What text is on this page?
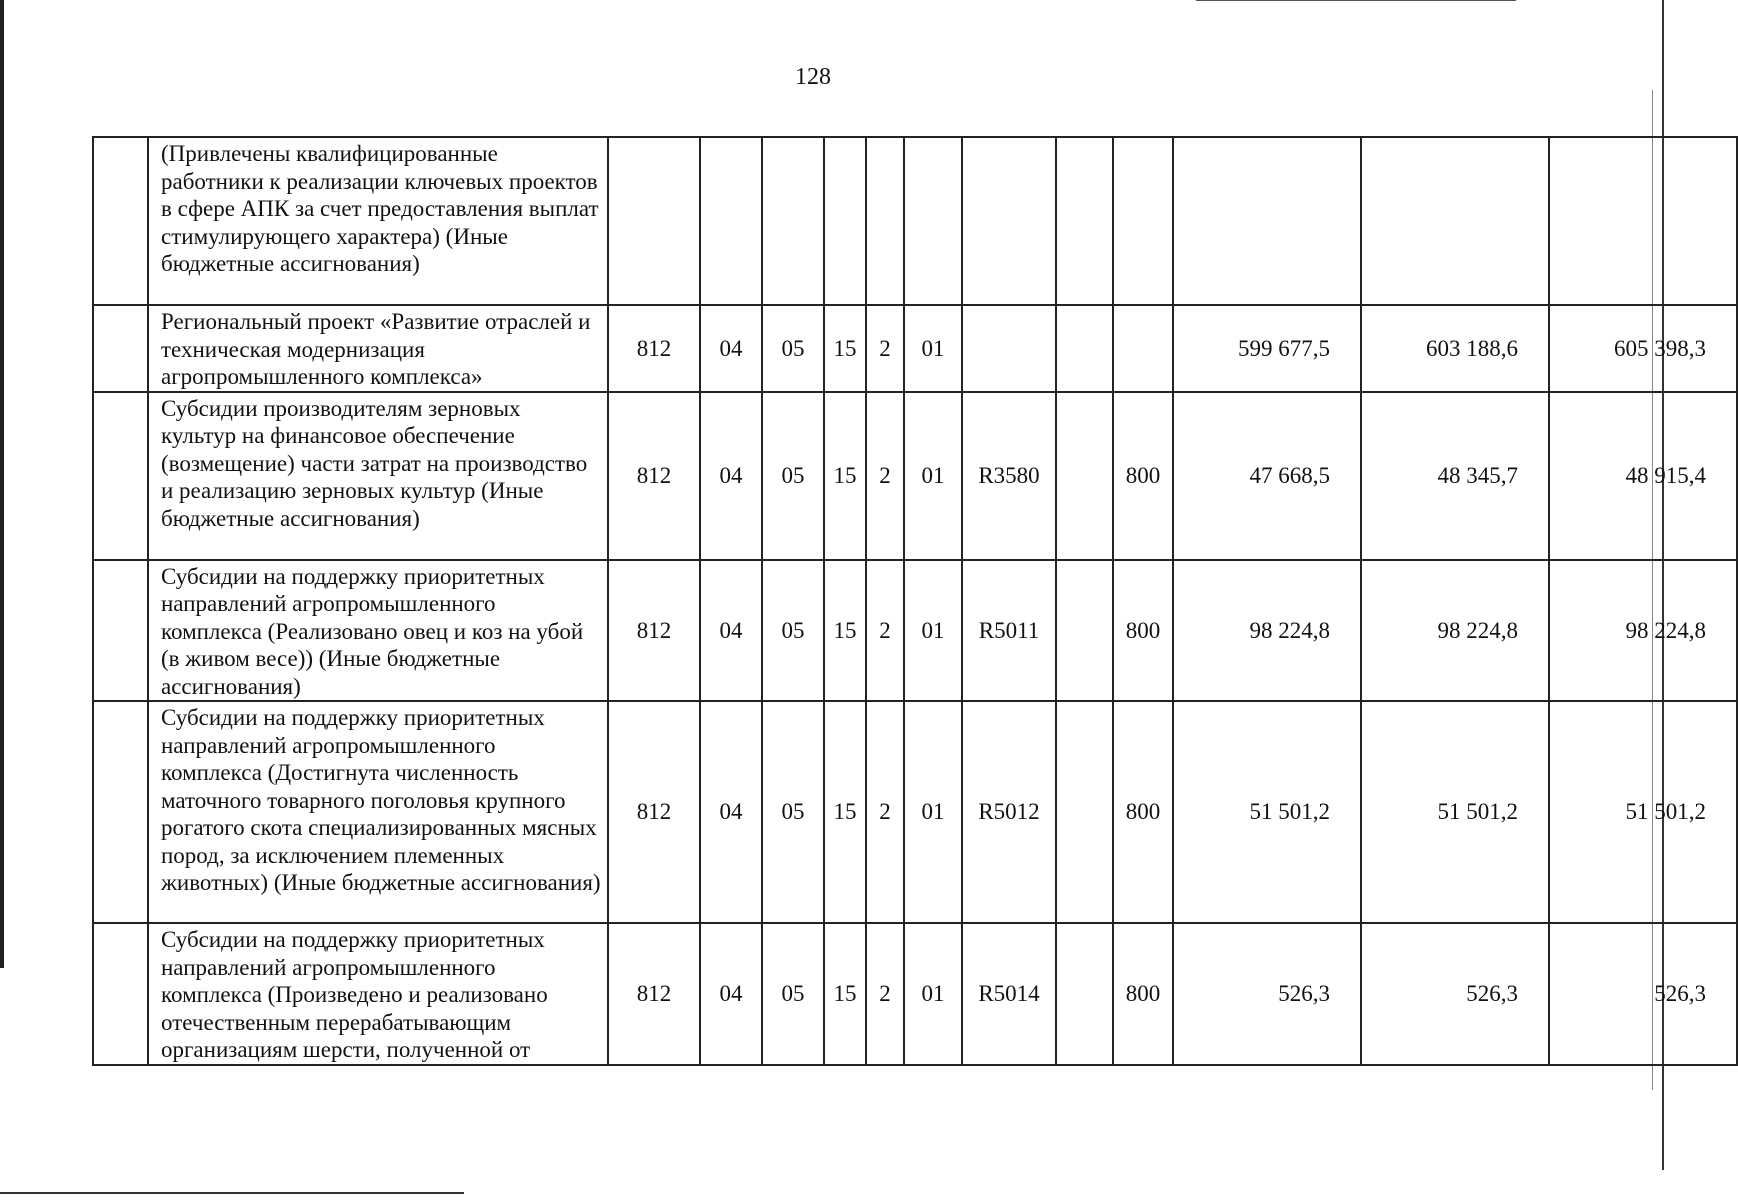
128
	(Привлечены квалифицированные работники к реализации ключевых проектов в сфере АПК за счет предоставления выплат стимулирующего характера) (Иные бюджетные ассигнования)												
	Региональный проект «Развитие отраслей и техническая модернизация агропромышленного комплекса»	812	04	05	15	2	01				599 677,5	603 188,6	605 398,3
	Субсидии производителям зерновых культур на финансовое обеспечение (возмещение) части затрат на производство и реализацию зерновых культур (Иные бюджетные ассигнования)	812	04	05	15	2	01	R3580		800	47 668,5	48 345,7	48 915,4
	Субсидии на поддержку приоритетных направлений агропромышленного комплекса (Реализовано овец и коз на убой (в живом весе)) (Иные бюджетные ассигнования)	812	04	05	15	2	01	R5011		800	98 224,8	98 224,8	98 224,8
	Субсидии на поддержку приоритетных направлений агропромышленного комплекса (Достигнута численность маточного товарного поголовья крупного рогатого скота специализированных мясных пород, за исключением племенных животных) (Иные бюджетные ассигнования)	812	04	05	15	2	01	R5012		800	51 501,2	51 501,2	51 501,2
	Субсидии на поддержку приоритетных направлений агропромышленного комплекса (Произведено и реализовано отечественным перерабатывающим организациям шерсти, полученной от	812	04	05	15	2	01	R5014		800	526,3	526,3	526,3
